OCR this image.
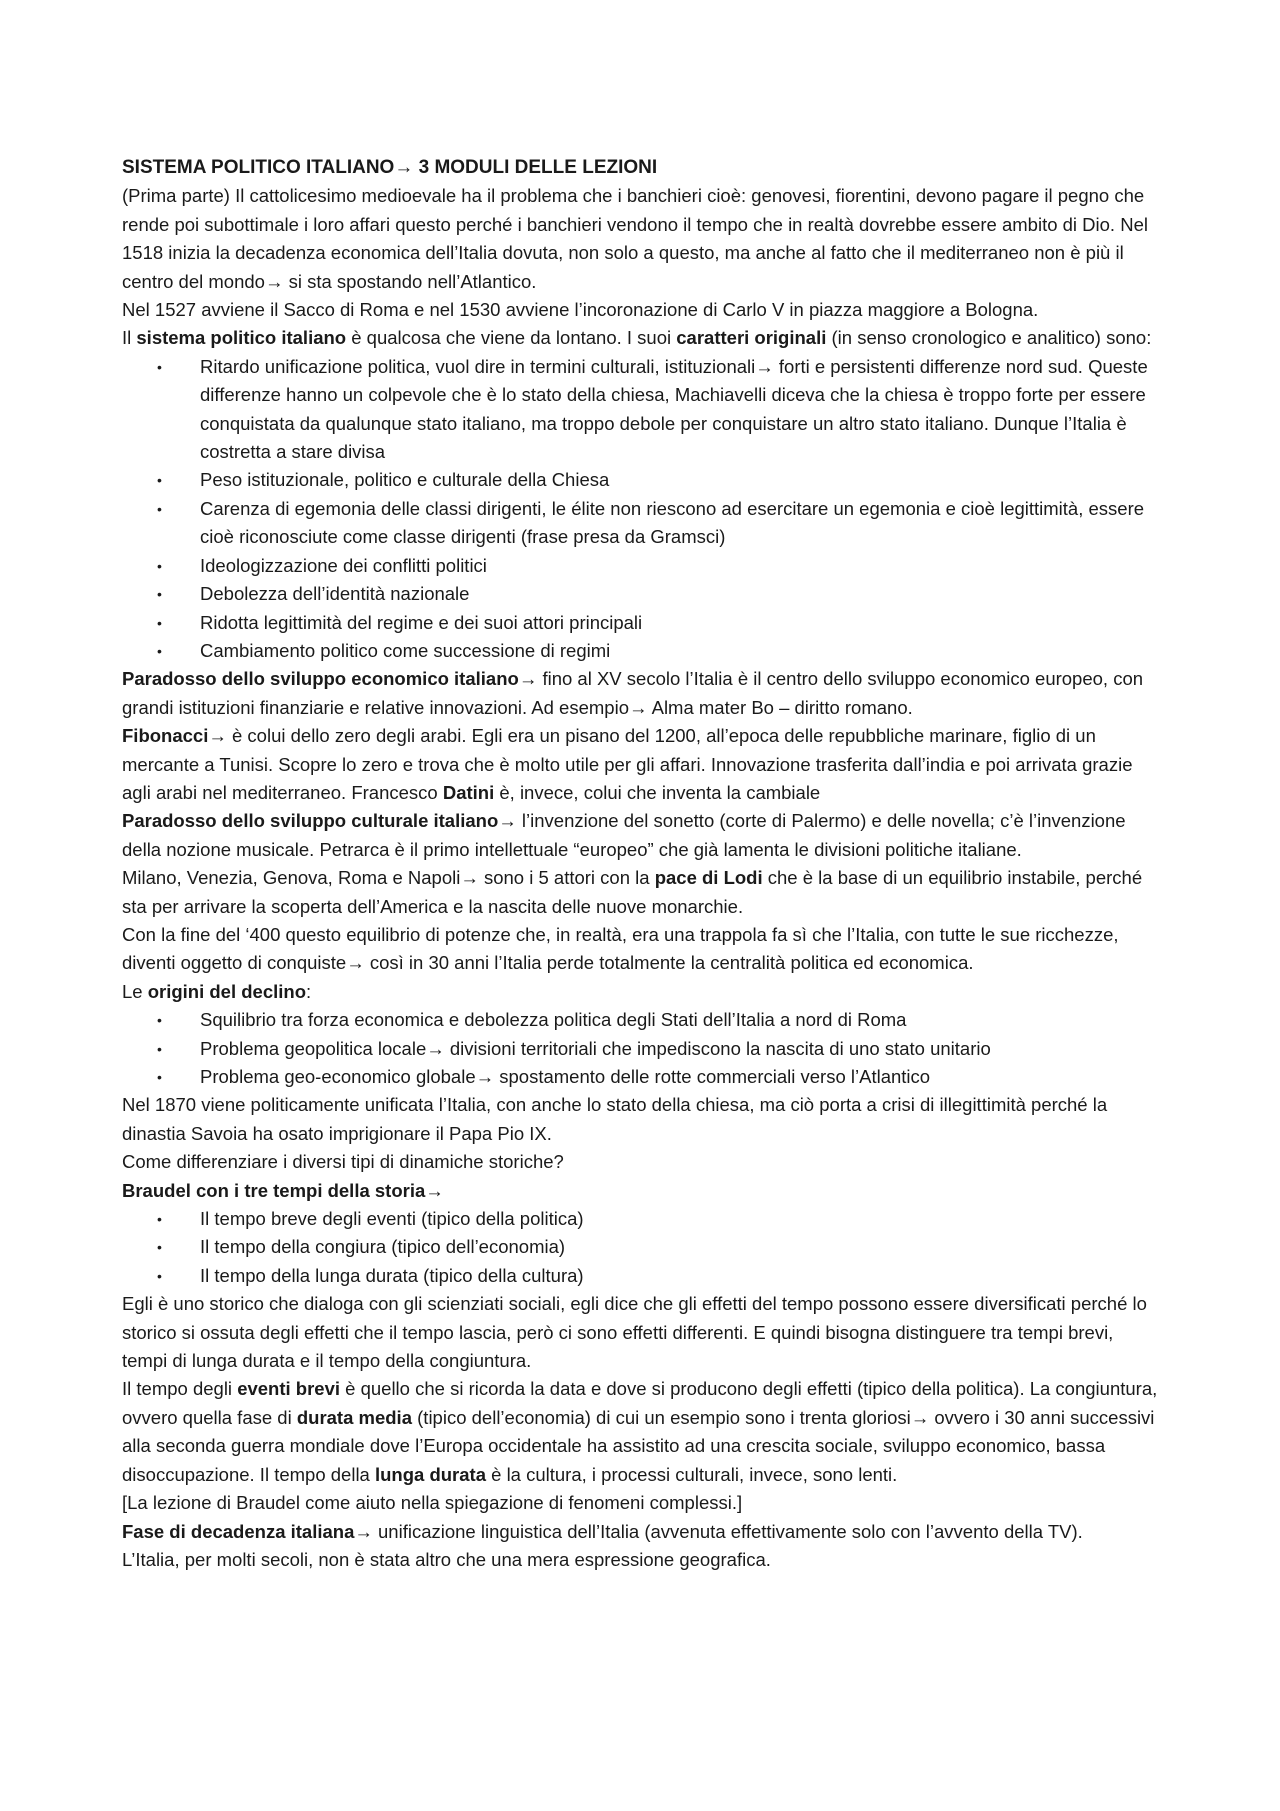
SISTEMA POLITICO ITALIANO→ 3 MODULI DELLE LEZIONI

(Prima parte) Il cattolicesimo medioevale ha il problema che i banchieri cioè: genovesi, fiorentini, devono pagare il pegno che rende poi subottimale i loro affari questo perché i banchieri vendono il tempo che in realtà dovrebbe essere ambito di Dio. Nel 1518 inizia la decadenza economica dell’Italia dovuta, non solo a questo, ma anche al fatto che il mediterraneo non è più il centro del mondo→ si sta spostando nell’Atlantico.

Nel 1527 avviene il Sacco di Roma e nel 1530 avviene l’incoronazione di Carlo V in piazza maggiore a Bologna.

Il sistema politico italiano è qualcosa che viene da lontano. I suoi caratteri originali (in senso cronologico e analitico) sono:

• Ritardo unificazione politica, vuol dire in termini culturali, istituzionali→ forti e persistenti differenze nord sud. Queste differenze hanno un colpevole che è lo stato della chiesa, Machiavelli diceva che la chiesa è troppo forte per essere conquistata da qualunque stato italiano, ma troppo debole per conquistare un altro stato italiano. Dunque l’Italia è costretta a stare divisa
• Peso istituzionale, politico e culturale della Chiesa
• Carenza di egemonia delle classi dirigenti, le élite non riescono ad esercitare un egemonia e cioè legittimità, essere cioè riconosciute come classe dirigenti (frase presa da Gramsci)
• Ideologizzazione dei conflitti politici
• Debolezza dell’identità nazionale
• Ridotta legittimità del regime e dei suoi attori principali
• Cambiamento politico come successione di regimi

Paradosso dello sviluppo economico italiano→ fino al XV secolo l’Italia è il centro dello sviluppo economico europeo, con grandi istituzioni finanziarie e relative innovazioni. Ad esempio→ Alma mater Bo – diritto romano.

Fibonacci→ è colui dello zero degli arabi. Egli era un pisano del 1200, all’epoca delle repubbliche marinare, figlio di un mercante a Tunisi. Scopre lo zero e trova che è molto utile per gli affari. Innovazione trasferita dall’india e poi arrivata grazie agli arabi nel mediterraneo. Francesco Datini è, invece, colui che inventa la cambiale

Paradosso dello sviluppo culturale italiano→ l’invenzione del sonetto (corte di Palermo) e delle novella; c’è l’invenzione della nozione musicale. Petrarca è il primo intellettuale “europeo” che già lamenta le divisioni politiche italiane.

Milano, Venezia, Genova, Roma e Napoli→ sono i 5 attori con la pace di Lodi che è la base di un equilibrio instabile, perché sta per arrivare la scoperta dell’America e la nascita delle nuove monarchie.

Con la fine del ‘400 questo equilibrio di potenze che, in realtà, era una trappola fa sì che l’Italia, con tutte le sue ricchezze, diventi oggetto di conquiste→ così in 30 anni l’Italia perde totalmente la centralità politica ed economica.

Le origini del declino:

• Squilibrio tra forza economica e debolezza politica degli Stati dell’Italia a nord di Roma
• Problema geopolitica locale→ divisioni territoriali che impediscono la nascita di uno stato unitario
• Problema geo-economico globale→ spostamento delle rotte commerciali verso l’Atlantico

Nel 1870 viene politicamente unificata l’Italia, con anche lo stato della chiesa, ma ciò porta a crisi di illegittimità perché la dinastia Savoia ha osato imprigionare il Papa Pio IX.

Come differenziare i diversi tipi di dinamiche storiche?

Braudel con i tre tempi della storia→

• Il tempo breve degli eventi (tipico della politica)
• Il tempo della congiura (tipico dell’economia)
• Il tempo della lunga durata (tipico della cultura)

Egli è uno storico che dialoga con gli scienziati sociali, egli dice che gli effetti del tempo possono essere diversificati perché lo storico si ossuta degli effetti che il tempo lascia, però ci sono effetti differenti. E quindi bisogna distinguere tra tempi brevi, tempi di lunga durata e il tempo della congiuntura.

Il tempo degli eventi brevi è quello che si ricorda la data e dove si producono degli effetti (tipico della politica). La congiuntura, ovvero quella fase di durata media (tipico dell’economia) di cui un esempio sono i trenta gloriosi→ ovvero i 30 anni successivi alla seconda guerra mondiale dove l’Europa occidentale ha assistito ad una crescita sociale, sviluppo economico, bassa disoccupazione. Il tempo della lunga durata è la cultura, i processi culturali, invece, sono lenti.

[La lezione di Braudel come aiuto nella spiegazione di fenomeni complessi.]

Fase di decadenza italiana→ unificazione linguistica dell’Italia (avvenuta effettivamente solo con l’avvento della TV).

L’Italia, per molti secoli, non è stata altro che una mera espressione geografica.
